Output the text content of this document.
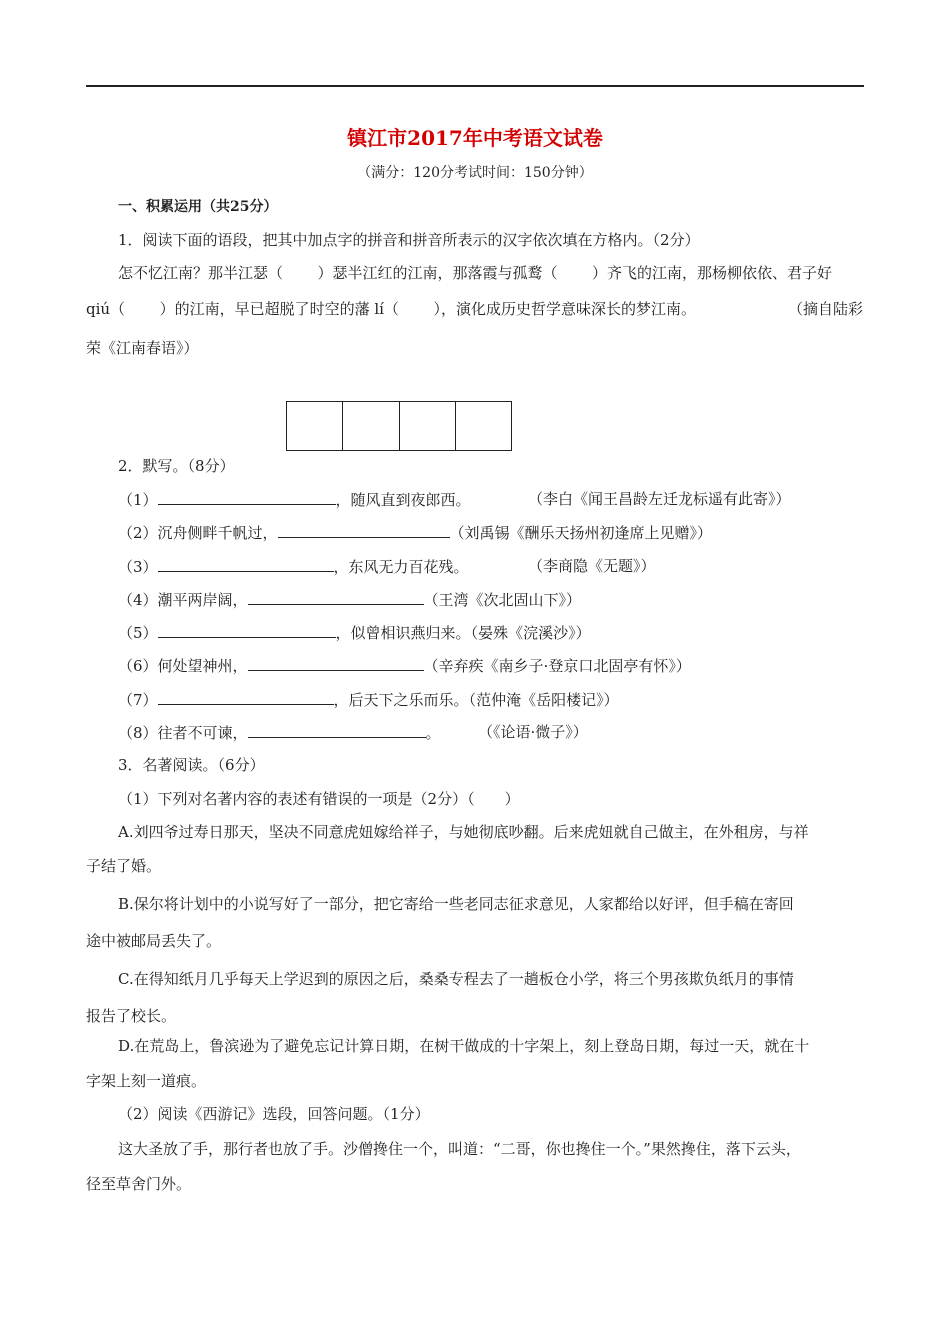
镇江市2017年中考语文试卷
（满分：120分考试时间：150分钟）
一、积累运用（共25分）
1．阅读下面的语段，把其中加点字的拼音和拼音所表示的汉字依次填在方格内。（2分）
怎不忆江南？那半江瑟（ ）瑟半江红的江南，那落霞与孤鹜（ ）齐飞的江南，那杨柳依依、君子好
qiú（ ）的江南，早已超脱了时空的藩 lí（ ），演化成历史哲学意味深长的梦江南。	（摘自陆彩
荣《江南春语》）
2．默写。（8分）
（1）	，随风直到夜郎西。	（李白《闻王昌龄左迁龙标遥有此寄》）
（2）沉舟侧畔千帆过，	（刘禹锡《酬乐天扬州初逢席上见赠》）
（3）	，东风无力百花残。	（李商隐《无题》）
（4）潮平两岸阔，	（王湾《次北固山下》）
（5）	，似曾相识燕归来。（晏殊《浣溪沙》）
（6）何处望神州，	（辛弃疾《南乡子·登京口北固亭有怀》）
（7）	，后天下之乐而乐。（范仲淹《岳阳楼记》）
（8）往者不可谏，	。 （《论语·微子》）
3．名著阅读。（6分）
（1）下列对名著内容的表述有错误的一项是（2分）（　　）
A.刘四爷过寿日那天，坚决不同意虎妞嫁给祥子，与她彻底吵翻。后来虎妞就自己做主，在外租房，与祥
子结了婚。
B.保尔将计划中的小说写好了一部分，把它寄给一些老同志征求意见，人家都给以好评，但手稿在寄回
途中被邮局丢失了。
C.在得知纸月几乎每天上学迟到的原因之后，桑桑专程去了一趟板仓小学，将三个男孩欺负纸月的事情
报告了校长。
D.在荒岛上，鲁滨逊为了避免忘记计算日期，在树干做成的十字架上，刻上登岛日期，每过一天，就在十
字架上刻一道痕。
（2）阅读《西游记》选段，回答问题。（1分）
这大圣放了手，那行者也放了手。沙僧搀住一个，叫道：“二哥，你也搀住一个。”果然搀住，落下云头，
径至草舍门外。
